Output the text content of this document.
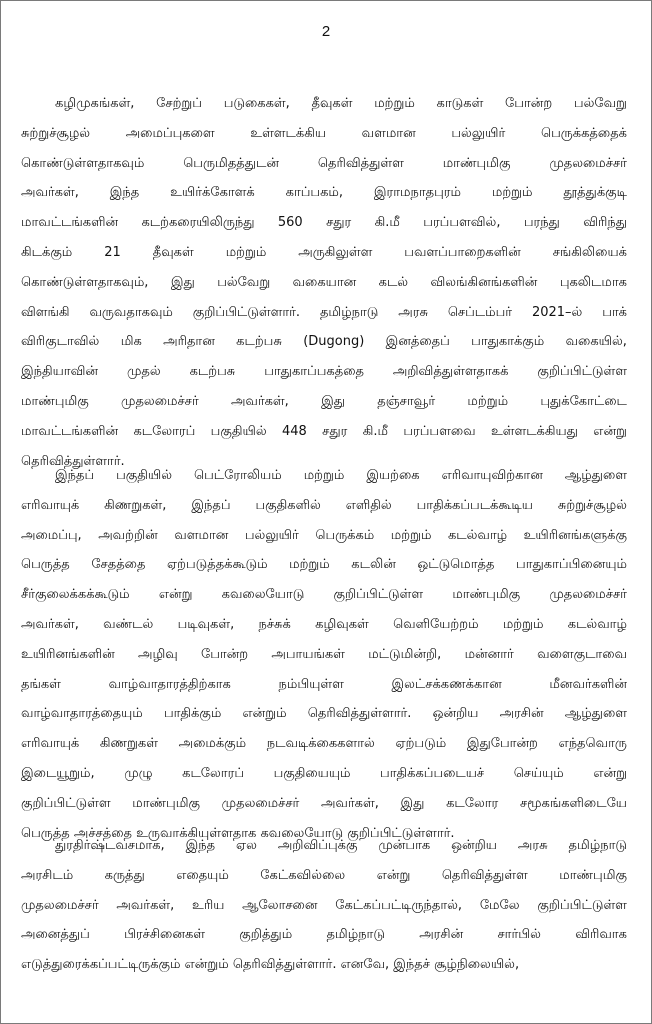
2
கழிமுகங்கள், சேற்றுப் படுகைகள், தீவுகள் மற்றும் காடுகள் போன்ற பல்வேறு
சுற்றுச்சூழல்	அமைப்புகளை	உள்ளடக்கிய	வளமான	பல்லுயிர்	பெருக்கத்தைக்
கொண்டுள்ளதாகவும்	பெருமிதத்துடன்	தெரிவித்துள்ள	மாண்புமிகு	முதலமைச்சர்
அவர்கள், இந்த உயிர்க்கோளக் காப்பகம், இராமநாதபுரம் மற்றும் தூத்துக்குடி
மாவட்டங்களின் கடற்கரையிலிருந்து 560 சதுர கி.மீ பரப்பளவில், பரந்து விரிந்து
கிடக்கும் 21 தீவுகள் மற்றும் அருகிலுள்ள பவளப்பாறைகளின் சங்கிலியைக்
கொண்டுள்ளதாகவும், இது பல்வேறு வகையான கடல் விலங்கினங்களின் புகலிடமாக
விளங்கி வருவதாகவும் குறிப்பிட்டுள்ளார். தமிழ்நாடு அரசு செப்டம்பர் 2021–ல் பாக்
விரிகுடாவில் மிக அரிதான கடற்பசு (Dugong) இனத்தைப் பாதுகாக்கும் வகையில்,
இந்தியாவின் முதல் கடற்பசு பாதுகாப்பகத்தை அறிவித்துள்ளதாகக் குறிப்பிட்டுள்ள
மாண்புமிகு முதலமைச்சர் அவர்கள், இது தஞ்சாவூர் மற்றும் புதுக்கோட்டை
மாவட்டங்களின் கடலோரப் பகுதியில் 448 சதுர கி.மீ பரப்பளவை உள்ளடக்கியது என்று
தெரிவித்துள்ளார்.
இந்தப் பகுதியில் பெட்ரோலியம் மற்றும் இயற்கை எரிவாயுவிற்கான ஆழ்துளை
எரிவாயுக் கிணறுகள், இந்தப் பகுதிகளில் எளிதில் பாதிக்கப்படக்கூடிய சுற்றுச்சூழல்
அமைப்பு, அவற்றின் வளமான பல்லுயிர் பெருக்கம் மற்றும் கடல்வாழ் உயிரினங்களுக்கு
பெருத்த சேதத்தை ஏற்படுத்தக்கூடும் மற்றும் கடலின் ஒட்டுமொத்த பாதுகாப்பினையும்
சீர்குலைக்கக்கூடும் என்று கவலையோடு குறிப்பிட்டுள்ள மாண்புமிகு முதலமைச்சர்
அவர்கள், வண்டல் படிவுகள், நச்சுக் கழிவுகள் வெளியேற்றம் மற்றும் கடல்வாழ்
உயிரினங்களின் அழிவு போன்ற அபாயங்கள் மட்டுமின்றி, மன்னார் வளைகுடாவை
தங்கள்	வாழ்வாதாரத்திற்காக	நம்பியுள்ள	இலட்சக்கணக்கான	மீனவர்களின்
வாழ்வாதாரத்தையும் பாதிக்கும் என்றும் தெரிவித்துள்ளார். ஒன்றிய அரசின் ஆழ்துளை
எரிவாயுக் கிணறுகள் அமைக்கும் நடவடிக்கைகளால் ஏற்படும் இதுபோன்ற எந்தவொரு
இடையூறும், முழு கடலோரப் பகுதியையும் பாதிக்கப்படையச் செய்யும் என்று
குறிப்பிட்டுள்ள மாண்புமிகு முதலமைச்சர் அவர்கள், இது கடலோர சமூகங்களிடையே
பெருத்த அச்சத்தை உருவாக்கியுள்ளதாக கவலையோடு குறிப்பிட்டுள்ளார்.
துரதிர்ஷ்டவசமாக, இந்த ஏல அறிவிப்புக்கு முன்பாக ஒன்றிய அரசு தமிழ்நாடு
அரசிடம் கருத்து எதையும் கேட்கவில்லை என்று தெரிவித்துள்ள மாண்புமிகு
முதலமைச்சர் அவர்கள், உரிய ஆலோசனை கேட்கப்பட்டிருந்தால், மேலே குறிப்பிட்டுள்ள
அனைத்துப்	பிரச்சினைகள்	குறித்தும்	தமிழ்நாடு	அரசின்	சார்பில்	விரிவாக
எடுத்துரைக்கப்பட்டிருக்கும் என்றும் தெரிவித்துள்ளார். எனவே, இந்தச் சூழ்நிலையில்,
